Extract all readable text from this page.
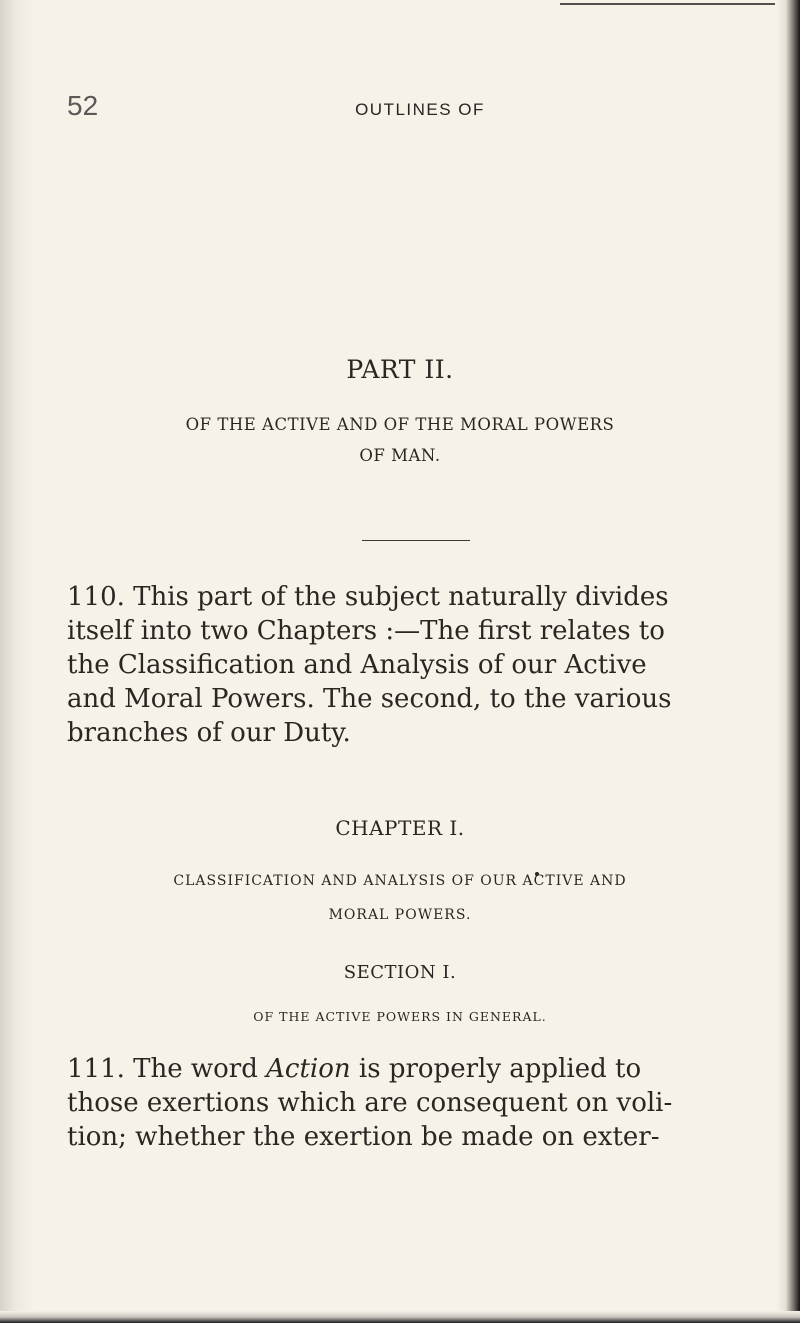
52	OUTLINES OF
PART II.
OF THE ACTIVE AND OF THE MORAL POWERS
OF MAN.
110. This part of the subject naturally divides
itself into two Chapters :—The first relates to
the Classification and Analysis of our Active
and Moral Powers. The second, to the various
branches of our Duty.
CHAPTER I.
CLASSIFICATION AND ANALYSIS OF OUR ACTIVE AND
MORAL POWERS.
SECTION I.
OF THE ACTIVE POWERS IN GENERAL.
111. The word Action is properly applied to
those exertions which are consequent on voli-
tion; whether the exertion be made on exter-
